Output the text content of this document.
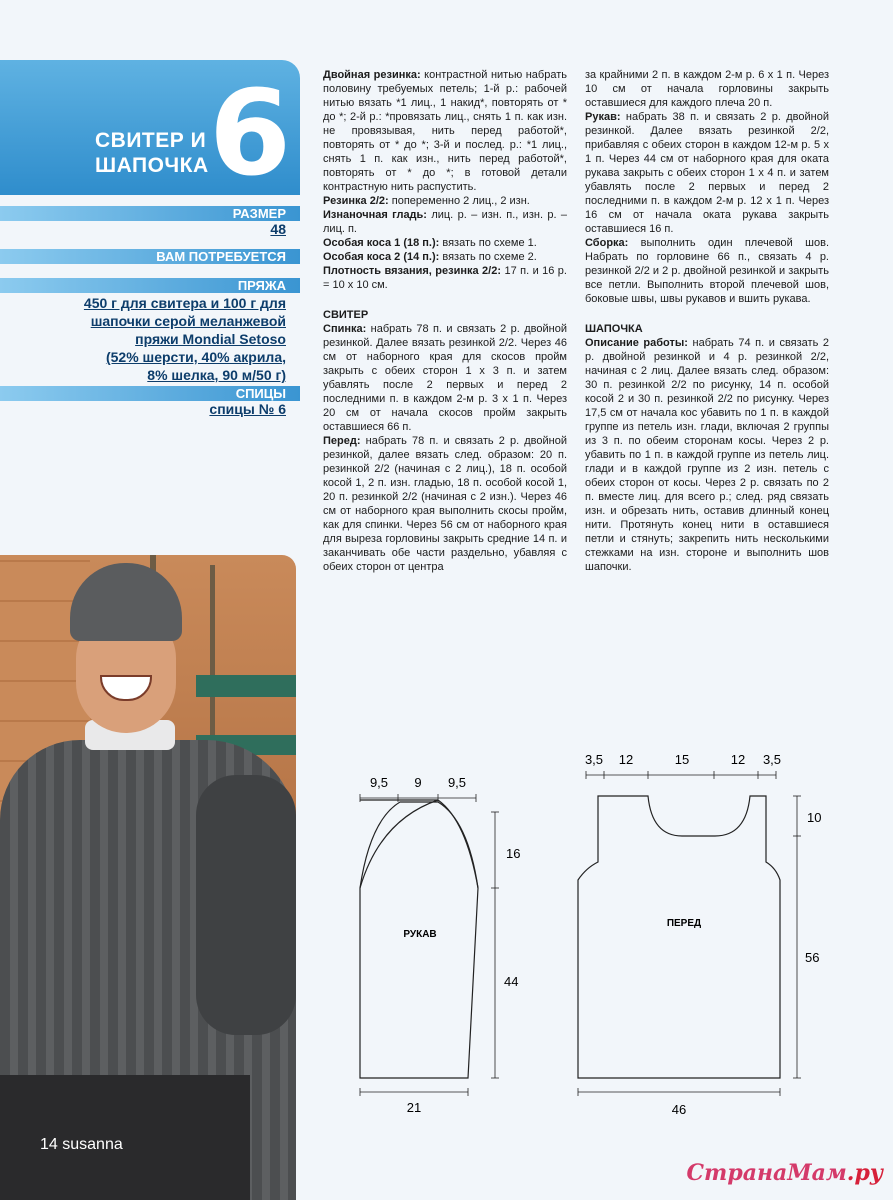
СВИТЕР И
ШАПОЧКА 6
РАЗМЕР
48
ВАМ ПОТРЕБУЕТСЯ
ПРЯЖА
450 г для свитера и 100 г для
шапочки серой меланжевой
пряжи Mondial Setoso
(52% шерсти, 40% акрила,
8% шелка, 90 м/50 г)
СПИЦЫ
спицы № 6
14 susanna

Двойная резинка: контрастной нитью набрать половину требуемых петель; 1-й р.: рабочей нитью вязать *1 лиц., 1 накид*, повторять от * до *; 2-й р.: *провязать лиц., снять 1 п. как изн. не провязывая, нить перед работой*, повторять от * до *; 3-й и послед. р.: *1 лиц., снять 1 п. как изн., нить перед работой*, повторять от * до *; в готовой детали контрастную нить распустить.

Резинка 2/2: попеременно 2 лиц., 2 изн.

Изнаночная гладь: лиц. р. – изн. п., изн. р. – лиц. п.

Особая коса 1 (18 п.): вязать по схеме 1.

Особая коса 2 (14 п.): вязать по схеме 2.

Плотность вязания, резинка 2/2: 17 п. и 16 р. = 10 х 10 см.

СВИТЕР

Спинка: набрать 78 п. и связать 2 р. двойной резинкой. Далее вязать резинкой 2/2. Через 46 см от наборного края для скосов пройм закрыть с обеих сторон 1 х 3 п. и затем убавлять после 2 первых и перед 2 последними п. в каждом 2-м р. 3 х 1 п. Через 20 см от начала скосов пройм закрыть оставшиеся 66 п.

Перед: набрать 78 п. и связать 2 р. двойной резинкой, далее вязать след. образом: 20 п. резинкой 2/2 (начиная с 2 лиц.), 18 п. особой косой 1, 2 п. изн. гладью, 18 п. особой косой 1, 20 п. резинкой 2/2 (начиная с 2 изн.). Через 46 см от наборного края выполнить скосы пройм, как для спинки. Через 56 см от наборного края для выреза горловины закрыть средние 14 п. и заканчивать обе части раздельно, убавляя с обеих сторон от центра

за крайними 2 п. в каждом 2-м р. 6 х 1 п. Через 10 см от начала горловины закрыть оставшиеся для каждого плеча 20 п.

Рукав: набрать 38 п. и связать 2 р. двойной резинкой. Далее вязать резинкой 2/2, прибавляя с обеих сторон в каждом 12-м р. 5 х 1 п. Через 44 см от наборного края для оката рукава закрыть с обеих сторон 1 х 4 п. и затем убавлять после 2 первых и перед 2 последними п. в каждом 2-м р. 12 х 1 п. Через 16 см от начала оката рукава закрыть оставшиеся 16 п.

Сборка: выполнить один плечевой шов. Набрать по горловине 66 п., связать 4 р. резинкой 2/2 и 2 р. двойной резинкой и закрыть все петли. Выполнить второй плечевой шов, боковые швы, швы рукавов и вшить рукава.

ШАПОЧКА

Описание работы: набрать 74 п. и связать 2 р. двойной резинкой и 4 р. резинкой 2/2, начиная с 2 лиц. Далее вязать след. образом: 30 п. резинкой 2/2 по рисунку, 14 п. особой косой 2 и 30 п. резинкой 2/2 по рисунку. Через 17,5 см от начала кос убавить по 1 п. в каждой группе из петель изн. глади, включая 2 группы из 3 п. по обеим сторонам косы. Через 2 р. убавить по 1 п. в каждой группе из петель лиц. глади и в каждой группе из 2 изн. петель с обеих сторон от косы. Через 2 р. связать по 2 п. вместе лиц. для всего р.; след. ряд связать изн. и обрезать нить, оставив длинный конец нити. Протянуть конец нити в оставшиеся петли и стянуть; закрепить нить несколькими стежками на изн. стороне и выполнить шов шапочки.

9,5 9 9,5
16
44
21
РУКАВ
3,5 12	15	12 3,5
10
56
46
ПЕРЕД
СтранаМам.ру
